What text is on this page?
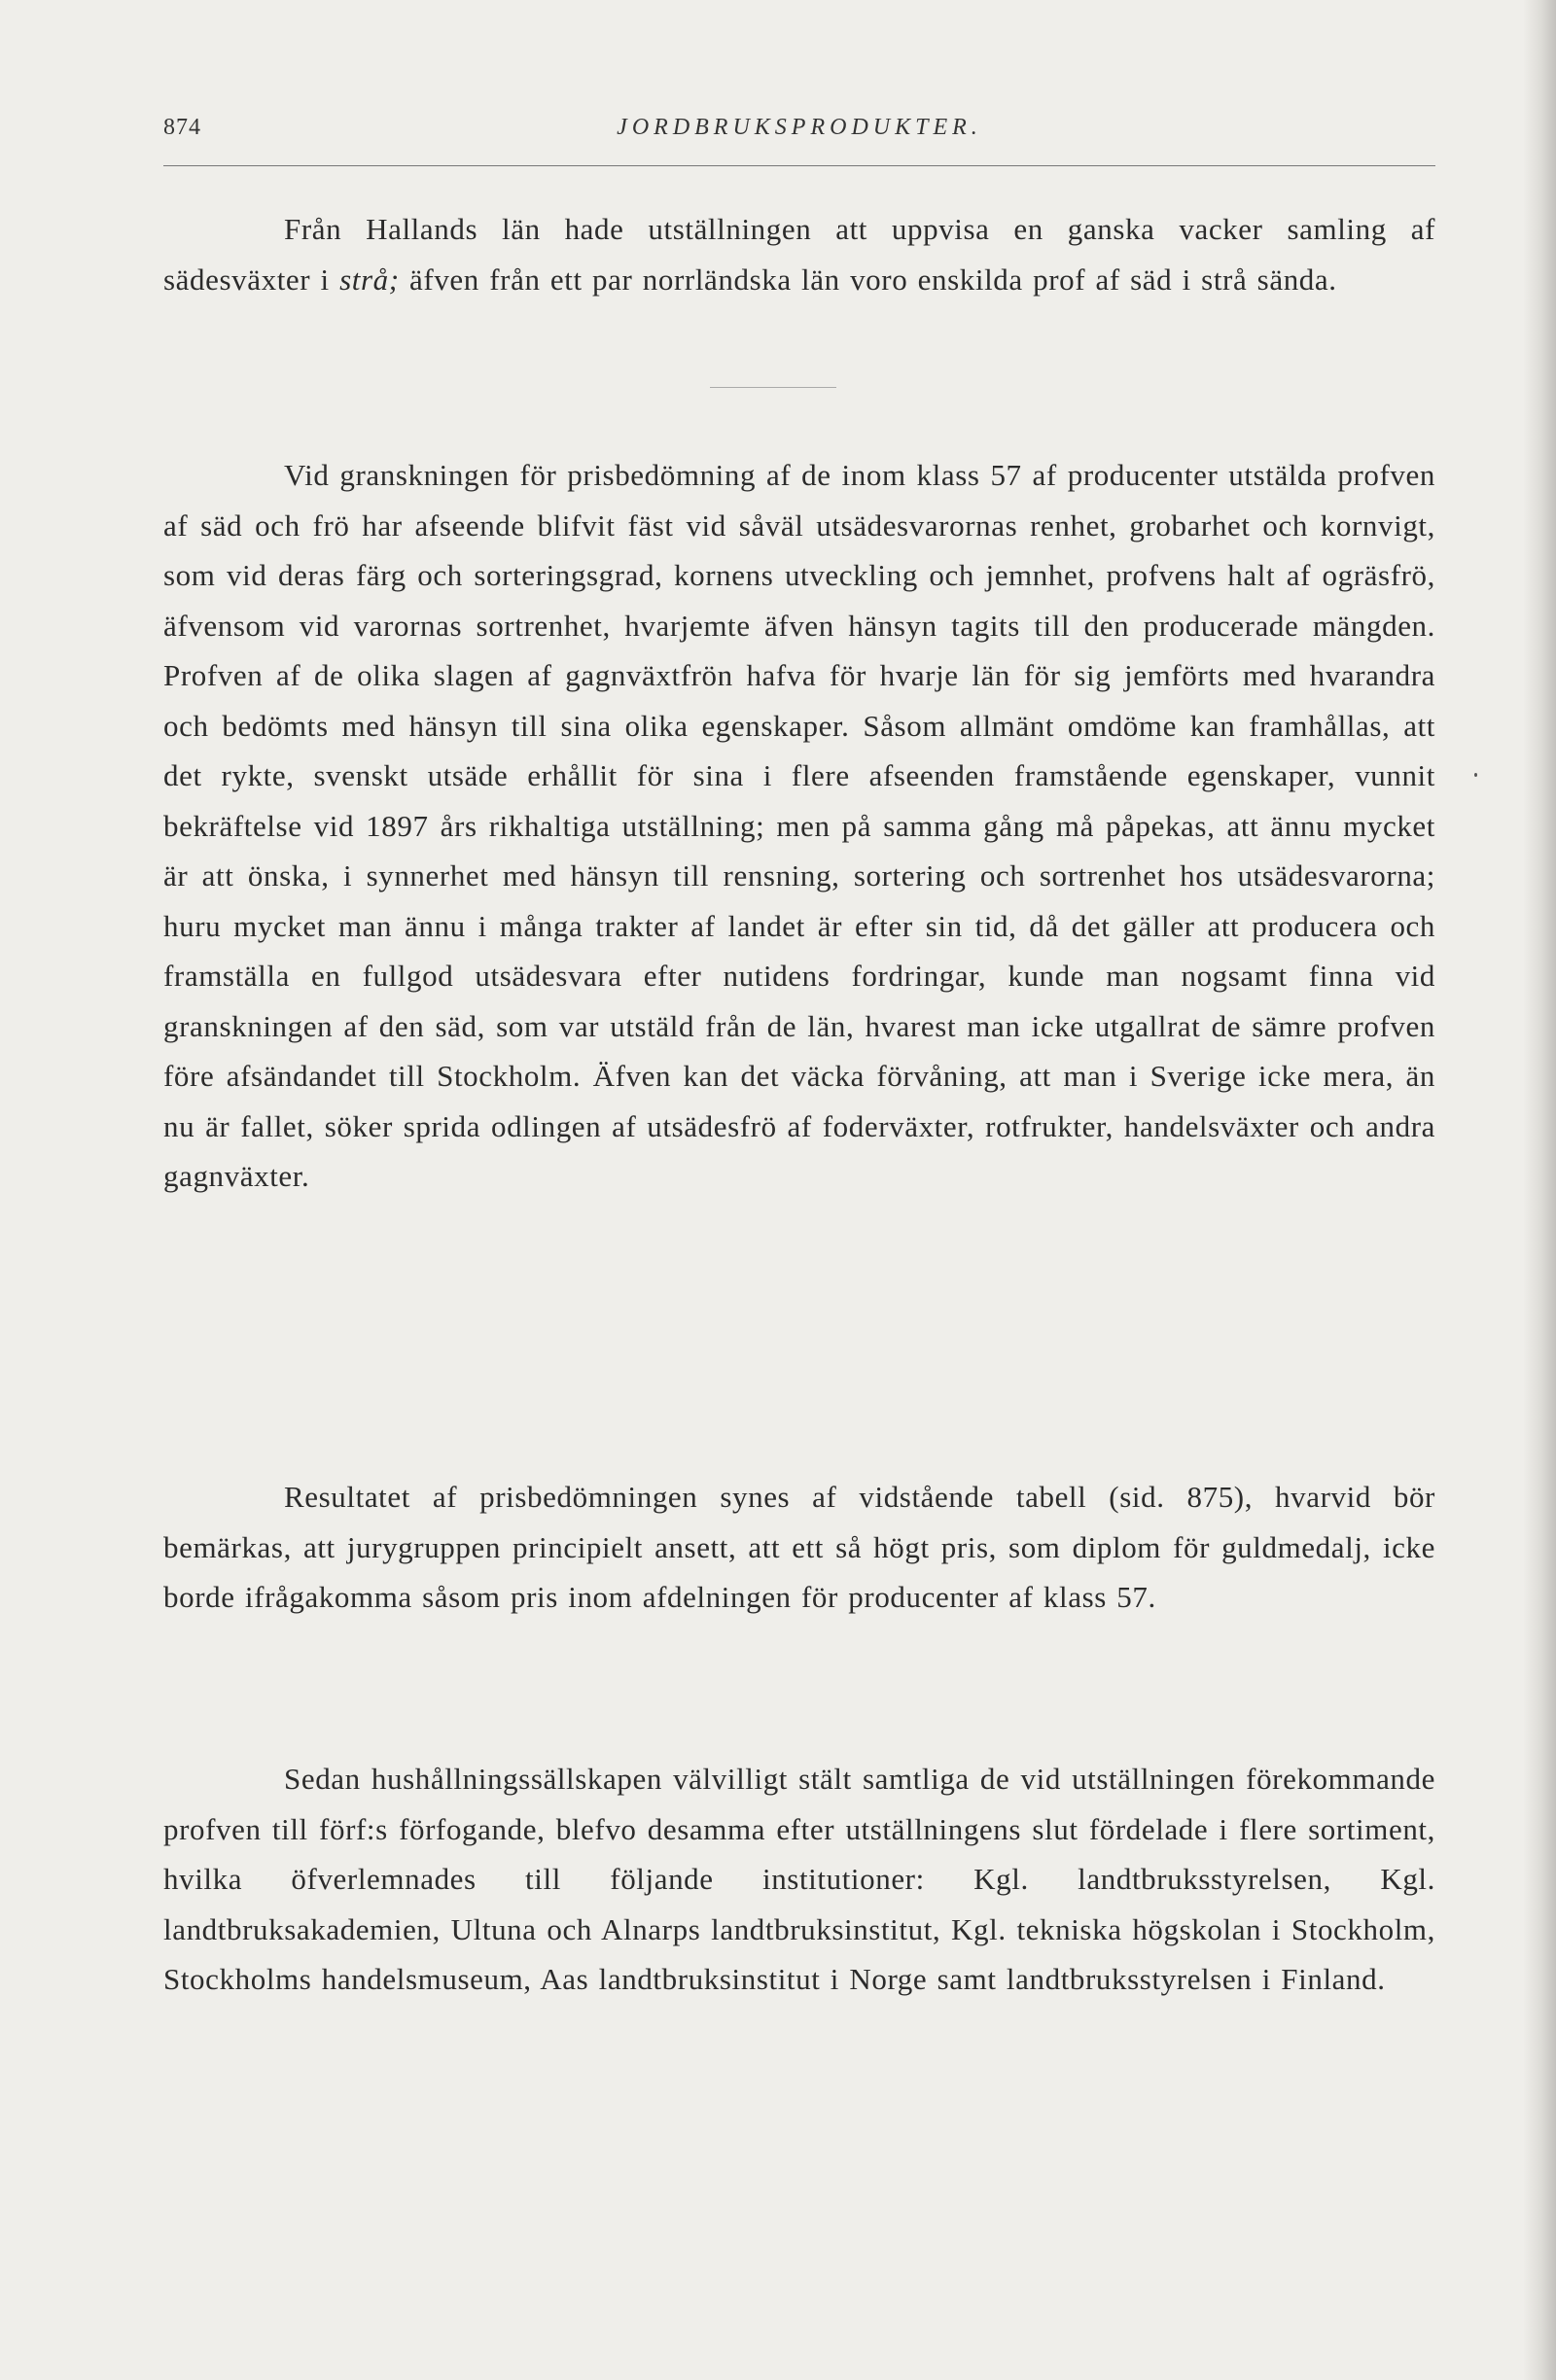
874	JORDBRUKSPRODUKTER.

Från Hallands län hade utställningen att uppvisa en ganska vacker samling af sädesväxter i strå; äfven från ett par norrländska län voro enskilda prof af säd i strå sända.

Vid granskningen för prisbedömning af de inom klass 57 af producenter utstälda profven af säd och frö har afseende blifvit fäst vid såväl utsädesvarornas renhet, grobarhet och kornvigt, som vid deras färg och sorteringsgrad, kornens utveckling och jemnhet, profvens halt af ogräsfrö, äfvensom vid varornas sortrenhet, hvarjemte äfven hänsyn tagits till den producerade mängden. Profven af de olika slagen af gagnväxtfrön hafva för hvarje län för sig jemförts med hvarandra och bedömts med hänsyn till sina olika egenskaper. Såsom allmänt omdöme kan framhållas, att det rykte, svenskt utsäde erhållit för sina i flere afseenden framstående egenskaper, vunnit bekräftelse vid 1897 års rikhaltiga utställning; men på samma gång må påpekas, att ännu mycket är att önska, i synnerhet med hänsyn till rensning, sortering och sortrenhet hos utsädesvarorna; huru mycket man ännu i många trakter af landet är efter sin tid, då det gäller att producera och framställa en fullgod utsädesvara efter nutidens fordringar, kunde man nogsamt finna vid granskningen af den säd, som var utstäld från de län, hvarest man icke utgallrat de sämre profven före afsändandet till Stockholm. Äfven kan det väcka förvåning, att man i Sverige icke mera, än nu är fallet, söker sprida odlingen af utsädesfrö af foderväxter, rotfrukter, handelsväxter och andra gagnväxter.

Resultatet af prisbedömningen synes af vidstående tabell (sid. 875), hvarvid bör bemärkas, att jurygruppen principielt ansett, att ett så högt pris, som diplom för guldmedalj, icke borde ifrågakomma såsom pris inom afdelningen för producenter af klass 57.

Sedan hushållningssällskapen välvilligt stält samtliga de vid utställningen förekommande profven till förf:s förfogande, blefvo desamma efter utställningens slut fördelade i flere sortiment, hvilka öfverlemnades till följande institutioner: Kgl. landtbruksstyrelsen, Kgl. landtbruksakademien, Ultuna och Alnarps landtbruksinstitut, Kgl. tekniska högskolan i Stockholm, Stockholms handelsmuseum, Aas landtbruksinstitut i Norge samt landtbruksstyrelsen i Finland.
